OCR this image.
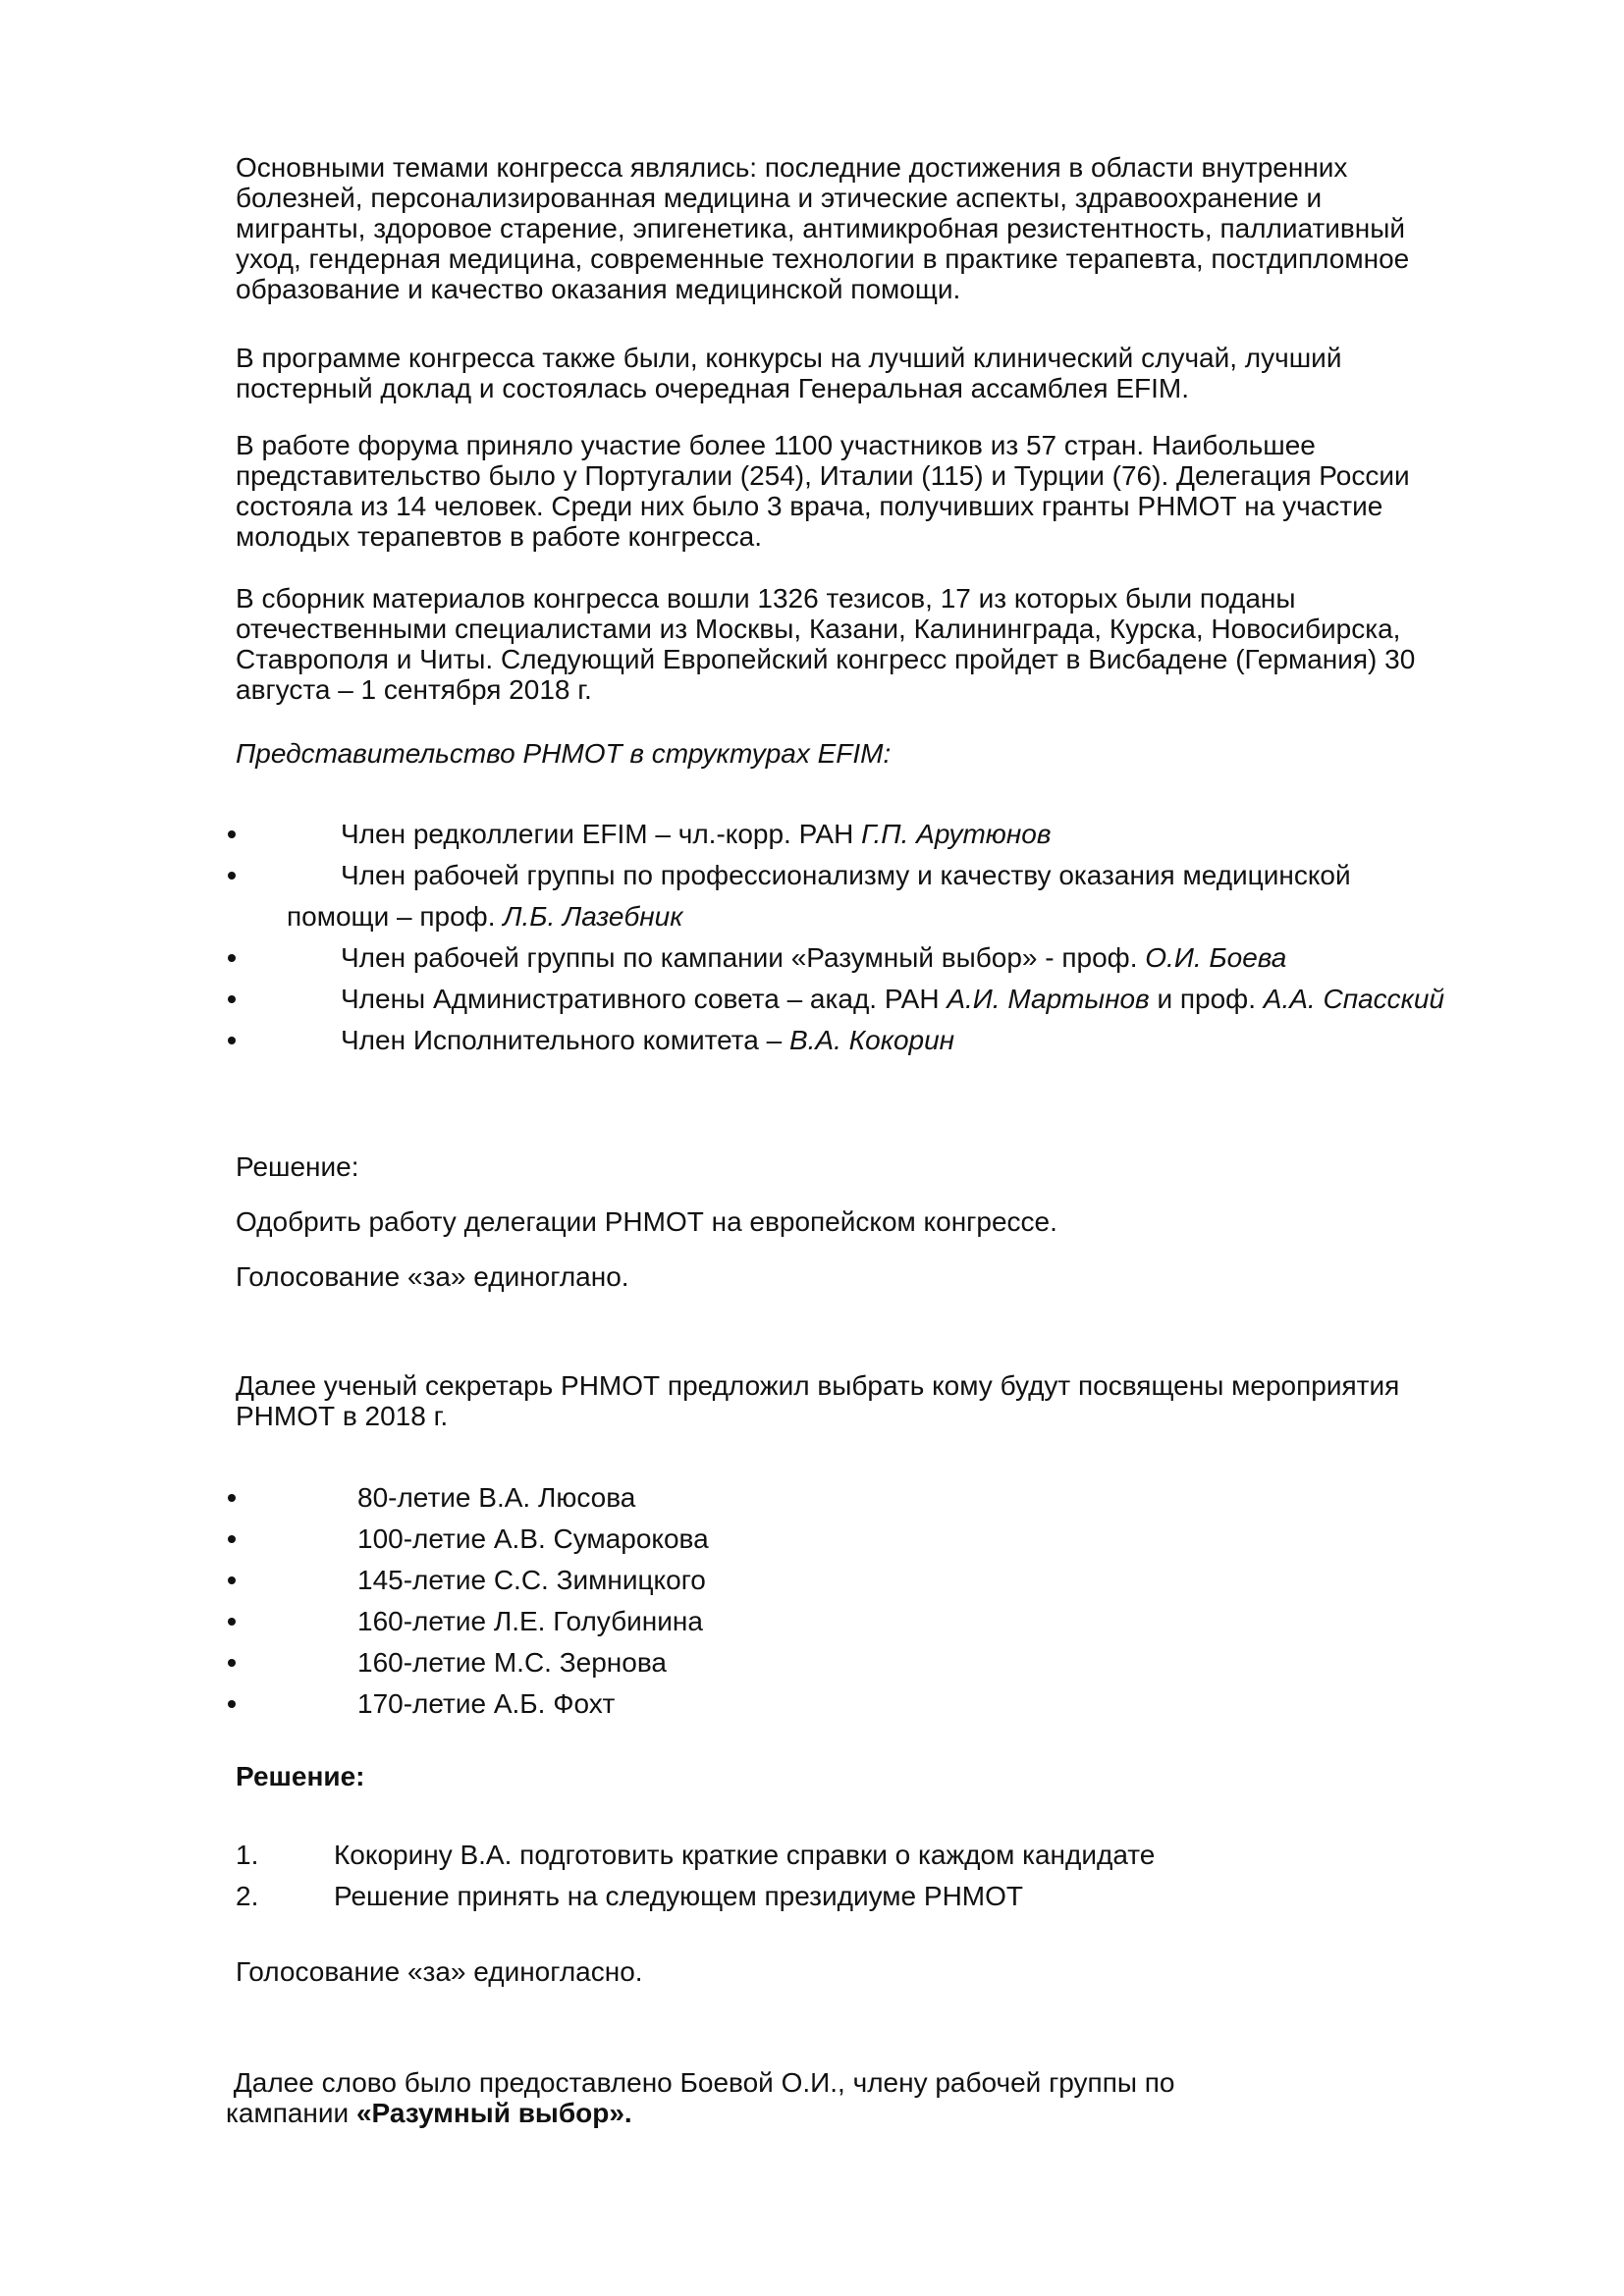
Основными темами конгресса являлись: последние достижения в области внутренних
болезней, персонализированная медицина и этические аспекты, здравоохранение и
мигранты, здоровое старение, эпигенетика, антимикробная резистентность, паллиативный
уход, гендерная медицина, современные технологии в практике терапевта, постдипломное
образование и качество оказания медицинской помощи.

В программе конгресса также были, конкурсы на лучший клинический случай, лучший
постерный доклад и состоялась очередная Генеральная ассамблея EFIM.

В работе форума приняло участие более 1100 участников из 57 стран. Наибольшее
представительство было у Португалии (254), Италии (115) и Турции (76). Делегация России
состояла из 14 человек. Среди них было 3 врача, получивших гранты РНМОТ на участие
молодых терапевтов в работе конгресса.

В сборник материалов конгресса вошли 1326 тезисов, 17 из которых были поданы
отечественными специалистами из Москвы, Казани, Калининграда, Курска, Новосибирска,
Ставрополя и Читы. Следующий Европейский конгресс пройдет в Висбадене (Германия) 30
августа – 1 сентября 2018 г.

Представительство РНМОТ в структурах EFIM:

Член редколлегии EFIM – чл.-корр. РАН Г.П. Арутюнов
Член рабочей группы по профессионализму и качеству оказания медицинской
помощи – проф. Л.Б. Лазебник
Член рабочей группы по кампании «Разумный выбор» - проф. О.И. Боева
Члены Административного совета – акад. РАН А.И. Мартынов и проф. А.А. Спасский
Член Исполнительного комитета – В.А. Кокорин

Решение:

Одобрить работу делегации РНМОТ на европейском конгрессе.

Голосование «за» единоглано.

Далее ученый секретарь РНМОТ предложил выбрать кому будут посвящены мероприятия
РНМОТ в 2018 г.

80-летие В.А. Люсова
100-летие А.В. Сумарокова
145-летие С.С. Зимницкого
160-летие Л.Е. Голубинина
160-летие М.С. Зернова
170-летие А.Б. Фохт

Решение:

1.	Кокорину В.А. подготовить краткие справки о каждом кандидате
2.	Решение принять на следующем президиуме РНМОТ

Голосование «за» единогласно.

Далее слово было предоставлено Боевой О.И., члену рабочей группы по
кампании «Разумный выбор».
